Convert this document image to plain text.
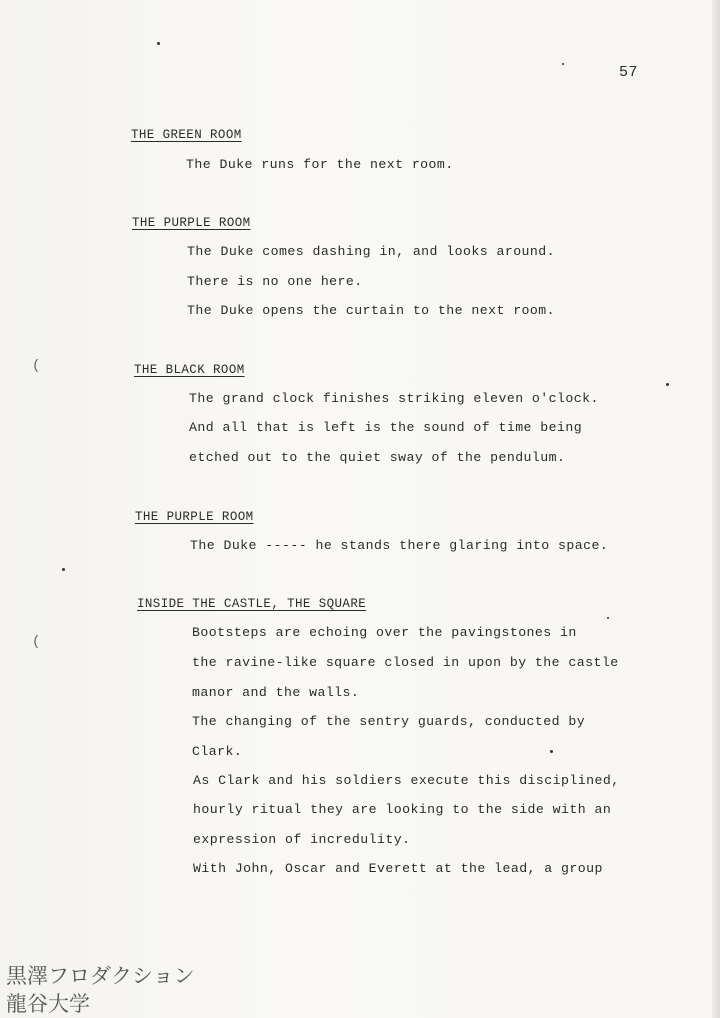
57
THE GREEN ROOM
The Duke runs for the next room.
THE PURPLE ROOM
The Duke comes dashing in, and looks around.
There is no one here.
The Duke opens the curtain to the next room.
THE BLACK ROOM
The grand clock finishes striking eleven o'clock.
And all that is left is the sound of time being
etched out to the quiet sway of the pendulum.
THE PURPLE ROOM
The Duke ----- he stands there glaring into space.
INSIDE THE CASTLE, THE SQUARE
Bootsteps are echoing over the pavingstones in
the ravine-like square closed in upon by the castle
manor and the walls.
The changing of the sentry guards, conducted by
Clark.
As Clark and his soldiers execute this disciplined,
hourly ritual they are looking to the side with an
expression of incredulity.
With John, Oscar and Everett at the lead, a group
(
(
黒澤フロダクション
龍谷大学
